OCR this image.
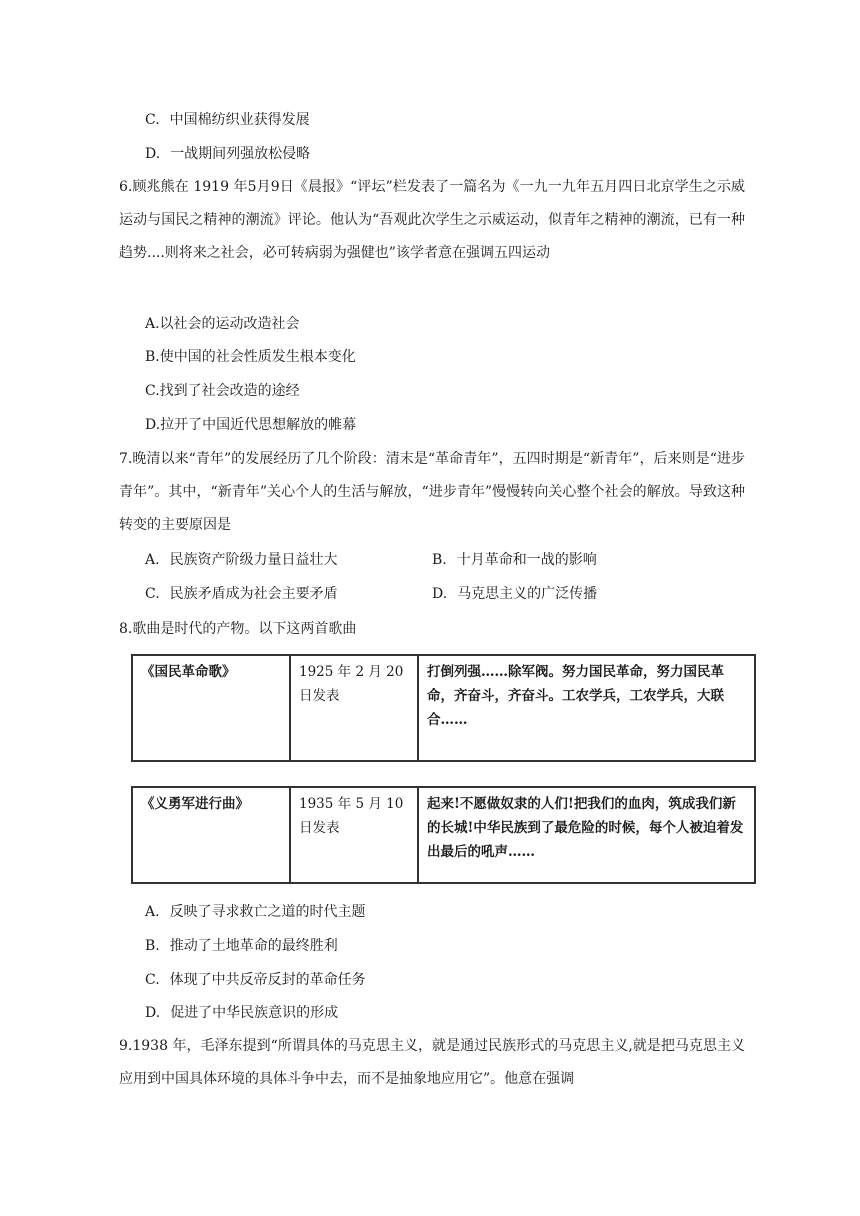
C. 中国棉纺织业获得发展
D. 一战期间列强放松侵略

6.顾兆熊在 1919 年5月9日《晨报》“评坛”栏发表了一篇名为《一九一九年五月四日北京学生之示威运动与国民之精神的潮流》评论。他认为“吾观此次学生之示威运动，似青年之精神的潮流，已有一种趋势....则将来之社会，必可转病弱为强健也”该学者意在强调五四运动

A.以社会的运动改造社会
B.使中国的社会性质发生根本变化
C.找到了社会改造的途经
D.拉开了中国近代思想解放的帷幕

7.晚清以来“青年”的发展经历了几个阶段：清末是“革命青年”，五四时期是“新青年”，后来则是“进步青年”。其中，“新青年”关心个人的生活与解放，“进步青年”慢慢转向关心整个社会的解放。导致这种转变的主要原因是

A. 民族资产阶级力量日益壮大	B. 十月革命和一战的影响
C. 民族矛盾成为社会主要矛盾	D. 马克思主义的广泛传播
8.歌曲是时代的产物。以下这两首歌曲
《国民革命歌》	1925 年 2 月 20 日发表	打倒列强……除军阀。努力国民革命，努力国民革命，齐奋斗，齐奋斗。工农学兵，工农学兵，大联合……
《义勇军进行曲》	1935 年 5 月 10 日发表	起来!不愿做奴隶的人们!把我们的血肉，筑成我们新的长城!中华民族到了最危险的时候，每个人被迫着发出最后的吼声……
A. 反映了寻求救亡之道的时代主题
B. 推动了土地革命的最终胜利
C. 体现了中共反帝反封的革命任务
D. 促进了中华民族意识的形成

9.1938 年，毛泽东提到“所谓具体的马克思主义，就是通过民族形式的马克思主义,就是把马克思主义应用到中国具体环境的具体斗争中去，而不是抽象地应用它”。他意在强调
